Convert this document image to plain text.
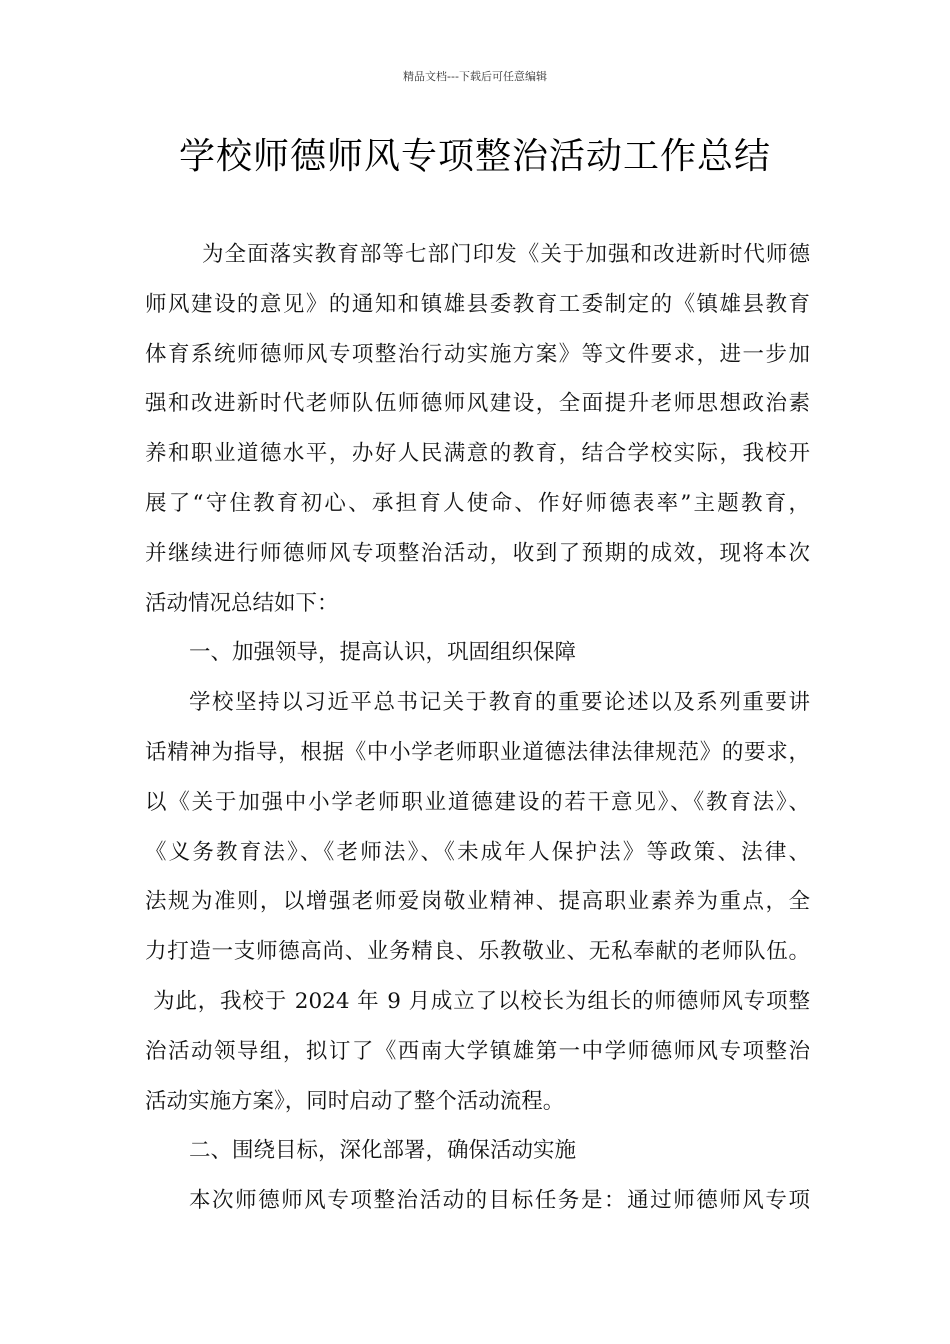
精品文档---下载后可任意编辑
学校师德师风专项整治活动工作总结
为全面落实教育部等七部门印发《关于加强和改进新时代师德
师风建设的意见》的通知和镇雄县委教育工委制定的《镇雄县教育
体育系统师德师风专项整治行动实施方案》等文件要求，进一步加
强和改进新时代老师队伍师德师风建设，全面提升老师思想政治素
养和职业道德水平，办好人民满意的教育，结合学校实际，我校开
展了“守住教育初心、承担育人使命、作好师德表率”主题教育，
并继续进行师德师风专项整治活动，收到了预期的成效，现将本次
活动情况总结如下：
一、加强领导，提高认识，巩固组织保障
学校坚持以习近平总书记关于教育的重要论述以及系列重要讲
话精神为指导，根据《中小学老师职业道德法律法律规范》的要求，
以《关于加强中小学老师职业道德建设的若干意见》、《教育法》、
《义务教育法》、《老师法》、《未成年人保护法》等政策、法律、
法规为准则，以增强老师爱岗敬业精神、提高职业素养为重点，全
力打造一支师德高尚、业务精良、乐教敬业、无私奉献的老师队伍。
为此，我校于 2024 年 9 月成立了以校长为组长的师德师风专项整
治活动领导组，拟订了《西南大学镇雄第一中学师德师风专项整治
活动实施方案》，同时启动了整个活动流程。
二、围绕目标，深化部署，确保活动实施
本次师德师风专项整治活动的目标任务是：通过师德师风专项
